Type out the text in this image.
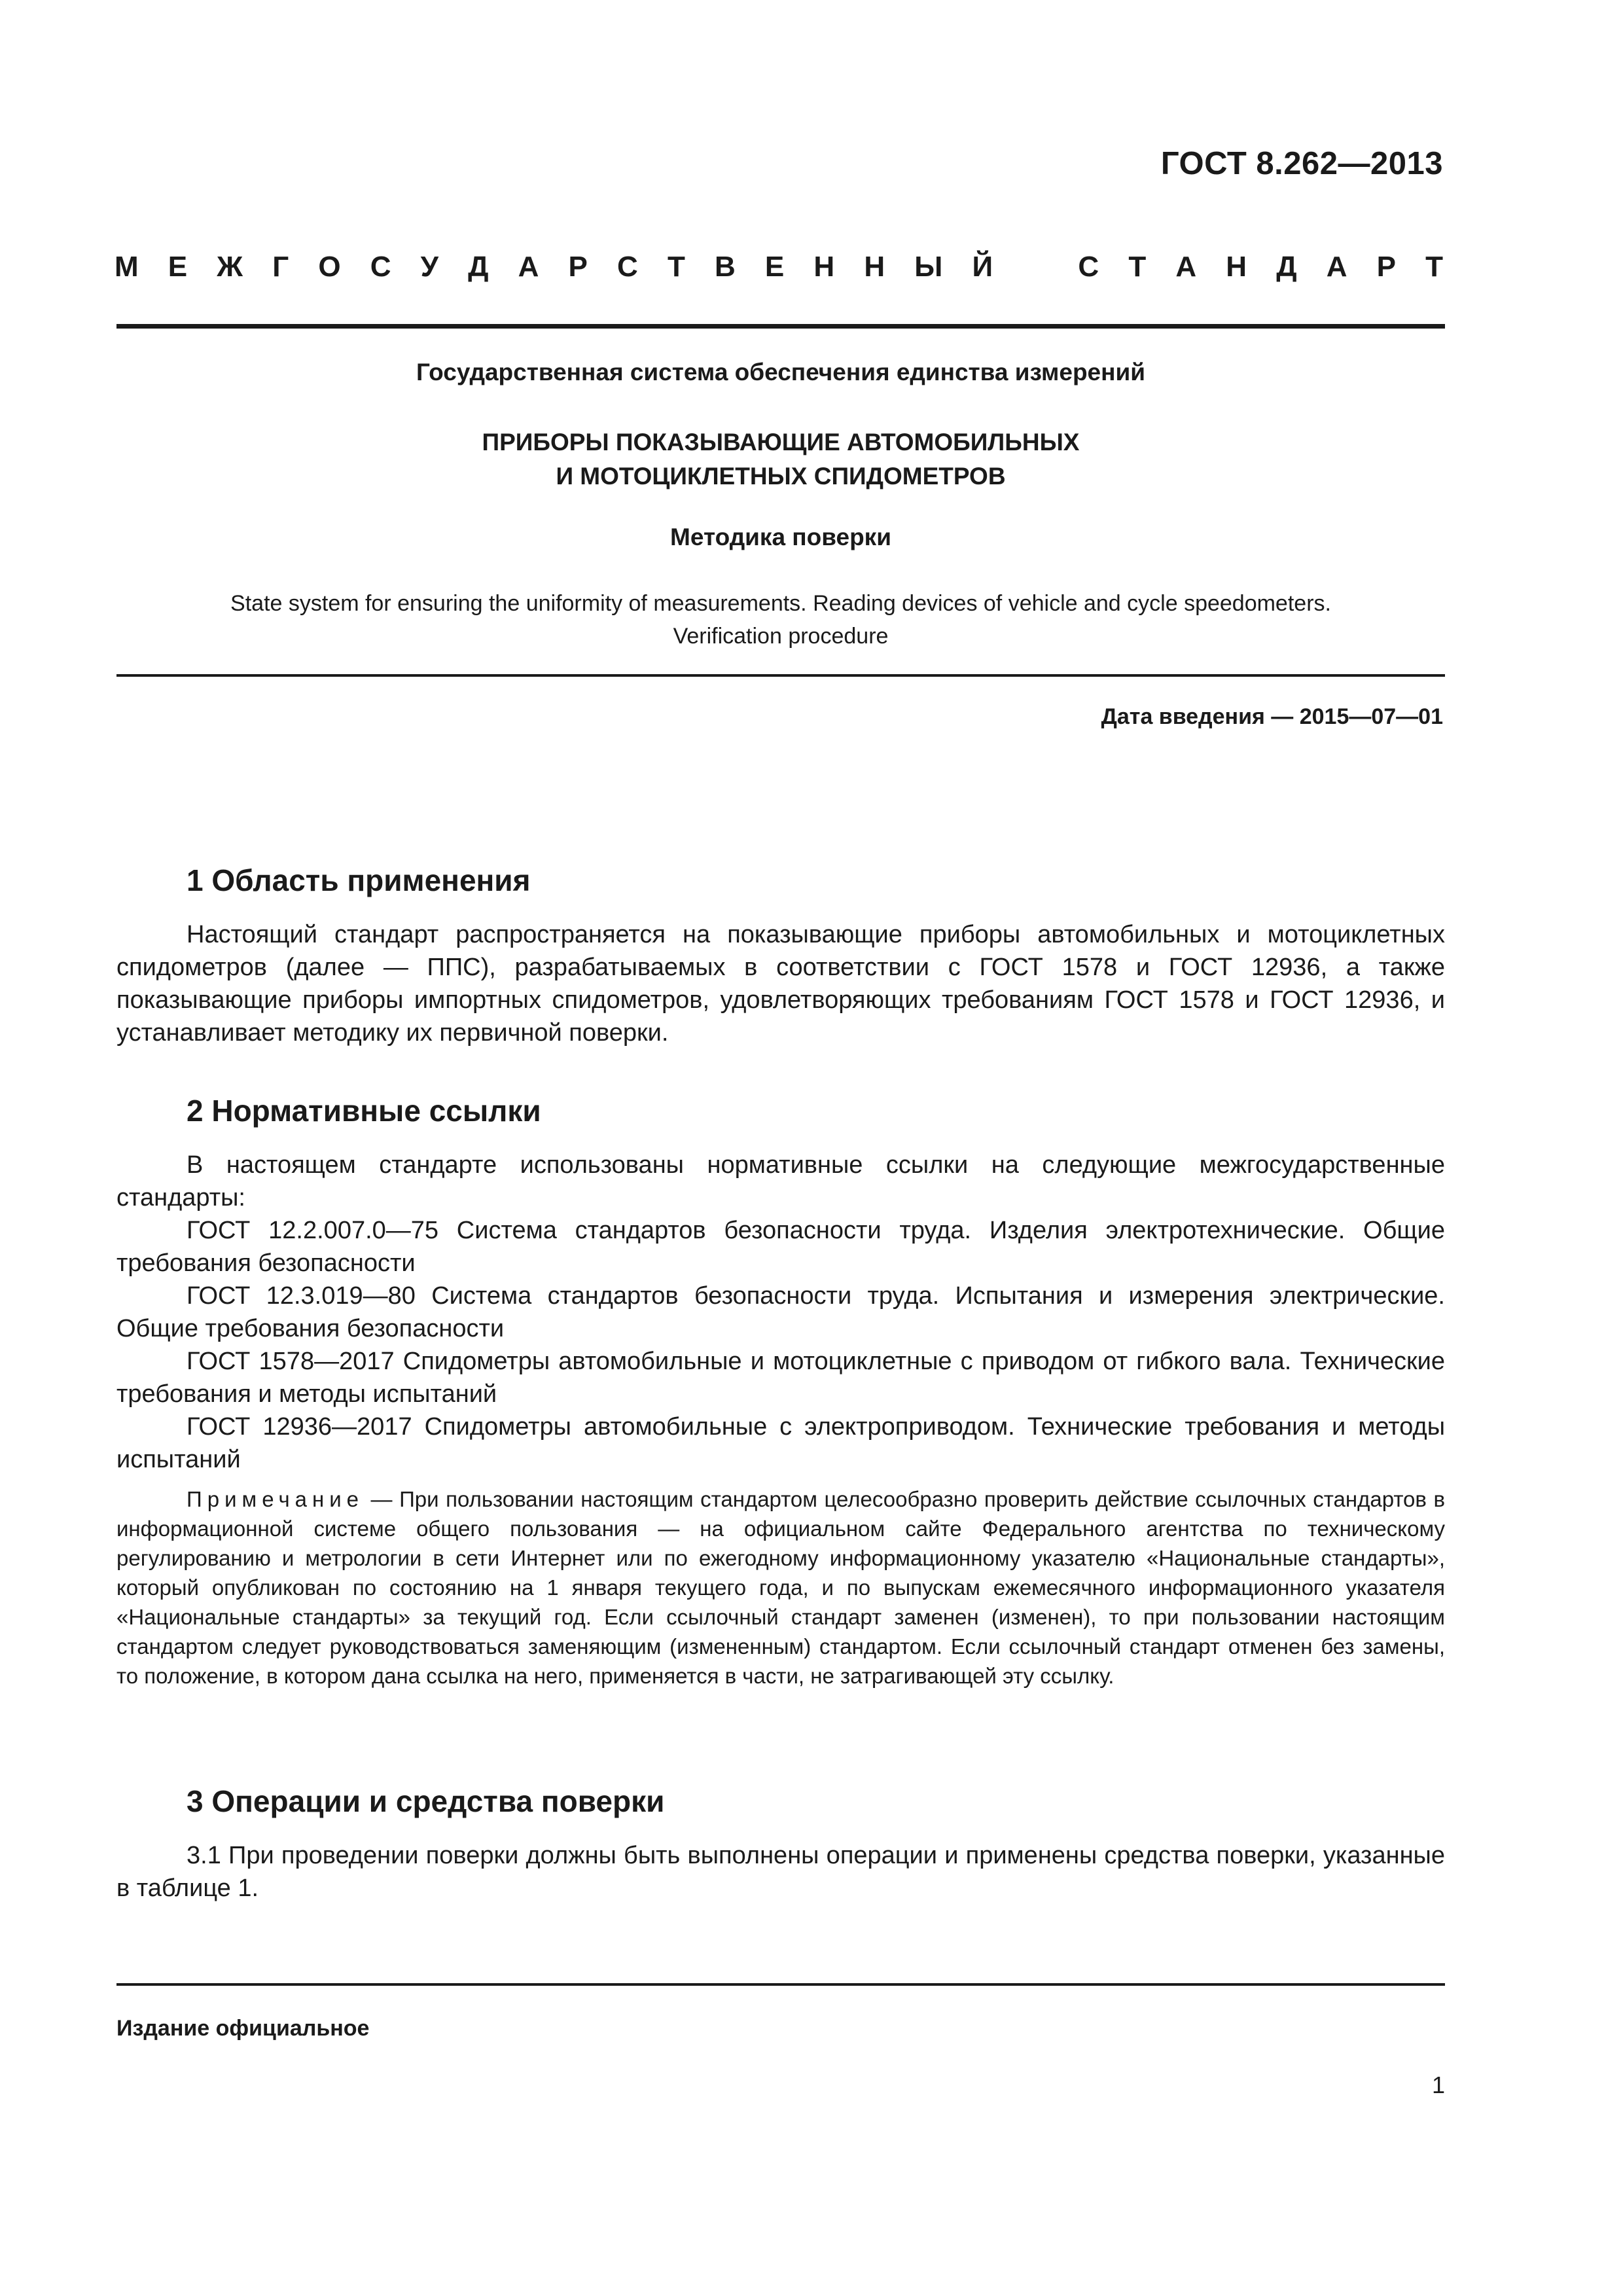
ГОСТ 8.262—2013
М Е Ж Г О С У Д А Р С Т В Е Н Н Ы Й	С Т А Н Д А Р Т
Государственная система обеспечения единства измерений
ПРИБОРЫ ПОКАЗЫВАЮЩИЕ АВТОМОБИЛЬНЫХ
И МОТОЦИКЛЕТНЫХ СПИДОМЕТРОВ
Методика поверки
State system for ensuring the uniformity of measurements. Reading devices of vehicle and cycle speedometers.
Verification procedure
Дата введения — 2015—07—01
1 Область применения
Настоящий стандарт распространяется на показывающие приборы автомобильных и мотоциклетных спидометров (далее — ППС), разрабатываемых в соответствии с ГОСТ 1578 и ГОСТ 12936, а также показывающие приборы импортных спидометров, удовлетворяющих требованиям ГОСТ 1578 и ГОСТ 12936, и устанавливает методику их первичной поверки.
2 Нормативные ссылки
В настоящем стандарте использованы нормативные ссылки на следующие межгосударственные стандарты:
ГОСТ 12.2.007.0—75 Система стандартов безопасности труда. Изделия электротехнические. Общие требования безопасности
ГОСТ 12.3.019—80 Система стандартов безопасности труда. Испытания и измерения электрические. Общие требования безопасности
ГОСТ 1578—2017 Спидометры автомобильные и мотоциклетные с приводом от гибкого вала. Технические требования и методы испытаний
ГОСТ 12936—2017 Спидометры автомобильные с электроприводом. Технические требования и методы испытаний
Примечание — При пользовании настоящим стандартом целесообразно проверить действие ссылочных стандартов в информационной системе общего пользования — на официальном сайте Федерального агентства по техническому регулированию и метрологии в сети Интернет или по ежегодному информационному указателю «Национальные стандарты», который опубликован по состоянию на 1 января текущего года, и по выпускам ежемесячного информационного указателя «Национальные стандарты» за текущий год. Если ссылочный стандарт заменен (изменен), то при пользовании настоящим стандартом следует руководствоваться заменяющим (измененным) стандартом. Если ссылочный стандарт отменен без замены, то положение, в котором дана ссылка на него, применяется в части, не затрагивающей эту ссылку.
3 Операции и средства поверки
3.1 При проведении поверки должны быть выполнены операции и применены средства поверки, указанные в таблице 1.
Издание официальное
1
